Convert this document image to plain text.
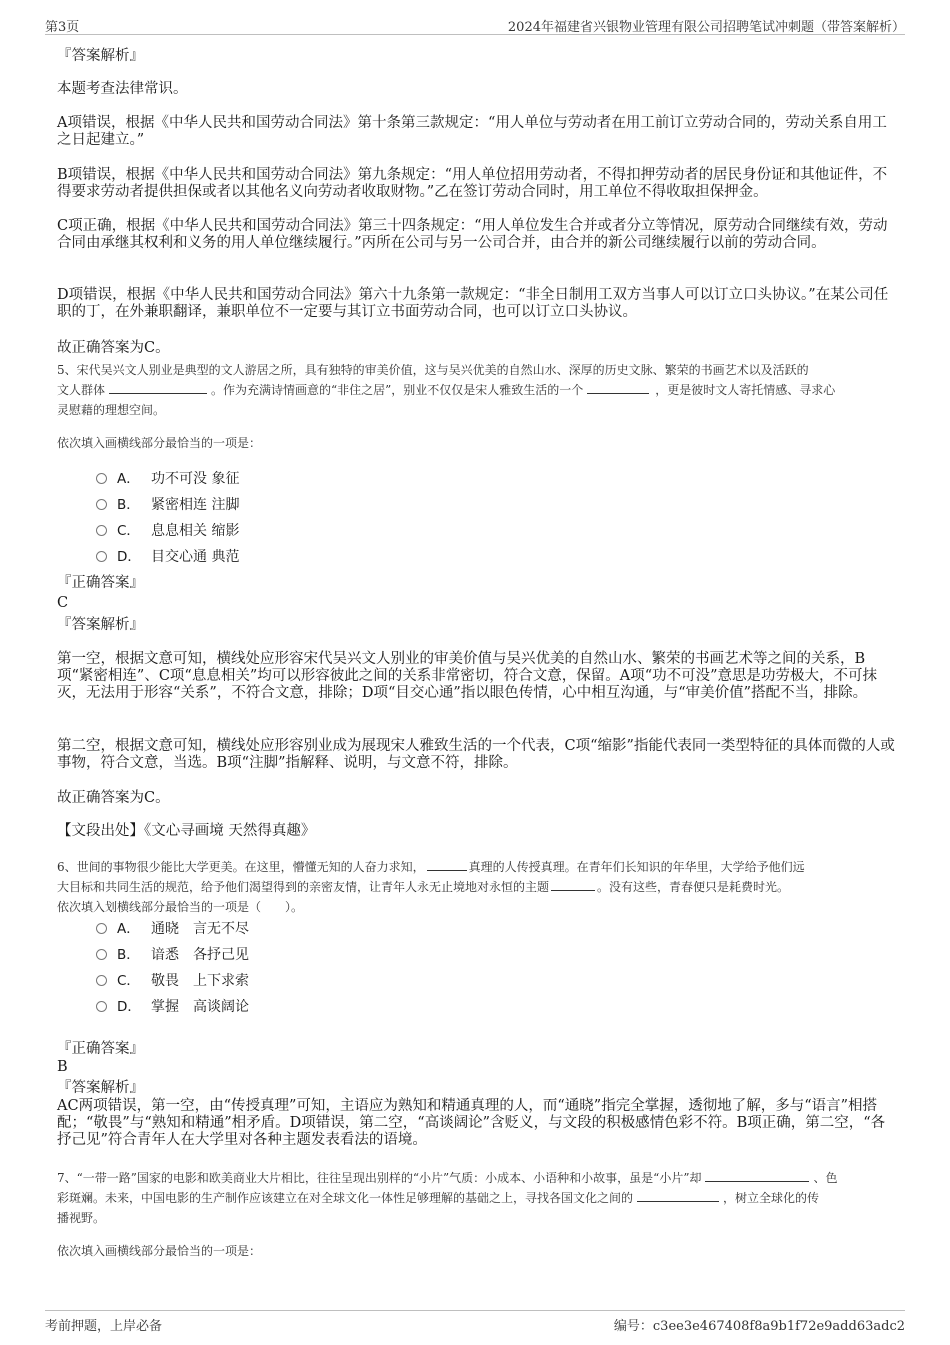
第3页	2024年福建省兴银物业管理有限公司招聘笔试冲刺题（带答案解析）
『答案解析』
本题考查法律常识。
A项错误，根据《中华人民共和国劳动合同法》第十条第三款规定：“用人单位与劳动者在用工前订立劳动合同的，劳动关系自用工之日起建立。”
B项错误，根据《中华人民共和国劳动合同法》第九条规定：“用人单位招用劳动者，不得扣押劳动者的居民身份证和其他证件，不得要求劳动者提供担保或者以其他名义向劳动者收取财物。”乙在签订劳动合同时，用工单位不得收取担保押金。
C项正确，根据《中华人民共和国劳动合同法》第三十四条规定：“用人单位发生合并或者分立等情况，原劳动合同继续有效，劳动合同由承继其权利和义务的用人单位继续履行。”丙所在公司与另一公司合并，由合并的新公司继续履行以前的劳动合同。
D项错误，根据《中华人民共和国劳动合同法》第六十九条第一款规定：“非全日制用工双方当事人可以订立口头协议。”在某公司任职的丁，在外兼职翻译，兼职单位不一定要与其订立书面劳动合同，也可以订立口头协议。
故正确答案为C。
5、宋代吴兴文人别业是典型的文人游居之所，具有独特的审美价值，这与吴兴优美的自然山水、深厚的历史文脉、繁荣的书画艺术以及活跃的
文人群体	。作为充满诗情画意的“非住之居”，别业不仅仅是宋人雅致生活的一个	，更是彼时文人寄托情感、寻求心
灵慰藉的理想空间。
依次填入画横线部分最恰当的一项是：
A． 功不可没 象征
B． 紧密相连 注脚
C． 息息相关 缩影
D． 目交心通 典范
『正确答案』
C
『答案解析』
第一空，根据文意可知，横线处应形容宋代吴兴文人别业的审美价值与吴兴优美的自然山水、繁荣的书画艺术等之间的关系，B项“紧密相连”、C项“息息相关”均可以形容彼此之间的关系非常密切，符合文意，保留。A项“功不可没”意思是功劳极大，不可抹灭，无法用于形容“关系”，不符合文意，排除；D项“目交心通”指以眼色传情，心中相互沟通，与“审美价值”搭配不当，排除。
第二空，根据文意可知，横线处应形容别业成为展现宋人雅致生活的一个代表，C项“缩影”指能代表同一类型特征的具体而微的人或事物，符合文意，当选。B项“注脚”指解释、说明，与文意不符，排除。
故正确答案为C。
【文段出处】《文心寻画境 天然得真趣》
6、世间的事物很少能比大学更美。在这里，懵懂无知的人奋力求知，	真理的人传授真理。在青年们长知识的年华里，大学给予他们远
大目标和共同生活的规范，给予他们渴望得到的亲密友情，让青年人永无止境地对永恒的主题	。没有这些，青春便只是耗费时光。
依次填入划横线部分最恰当的一项是（　　）。
A． 通晓　言无不尽
B． 谙悉　各抒己见
C． 敬畏　上下求索
D． 掌握　高谈阔论
『正确答案』
B
『答案解析』
AC两项错误，第一空，由“传授真理”可知，主语应为熟知和精通真理的人，而“通晓”指完全掌握，透彻地了解，多与“语言”相搭配；“敬畏”与“熟知和精通”相矛盾。D项错误，第二空，“高谈阔论”含贬义，与文段的积极感情色彩不符。B项正确，第二空，“各抒己见”符合青年人在大学里对各种主题发表看法的语境。
7、“一带一路”国家的电影和欧美商业大片相比，往往呈现出别样的“小片”气质：小成本、小语种和小故事，虽是“小片”却	、色
彩斑斓。未来，中国电影的生产制作应该建立在对全球文化一体性足够理解的基础之上，寻找各国文化之间的	，树立全球化的传
播视野。
依次填入画横线部分最恰当的一项是：
考前押题，上岸必备	编号：c3ee3e467408f8a9b1f72e9add63adc2
